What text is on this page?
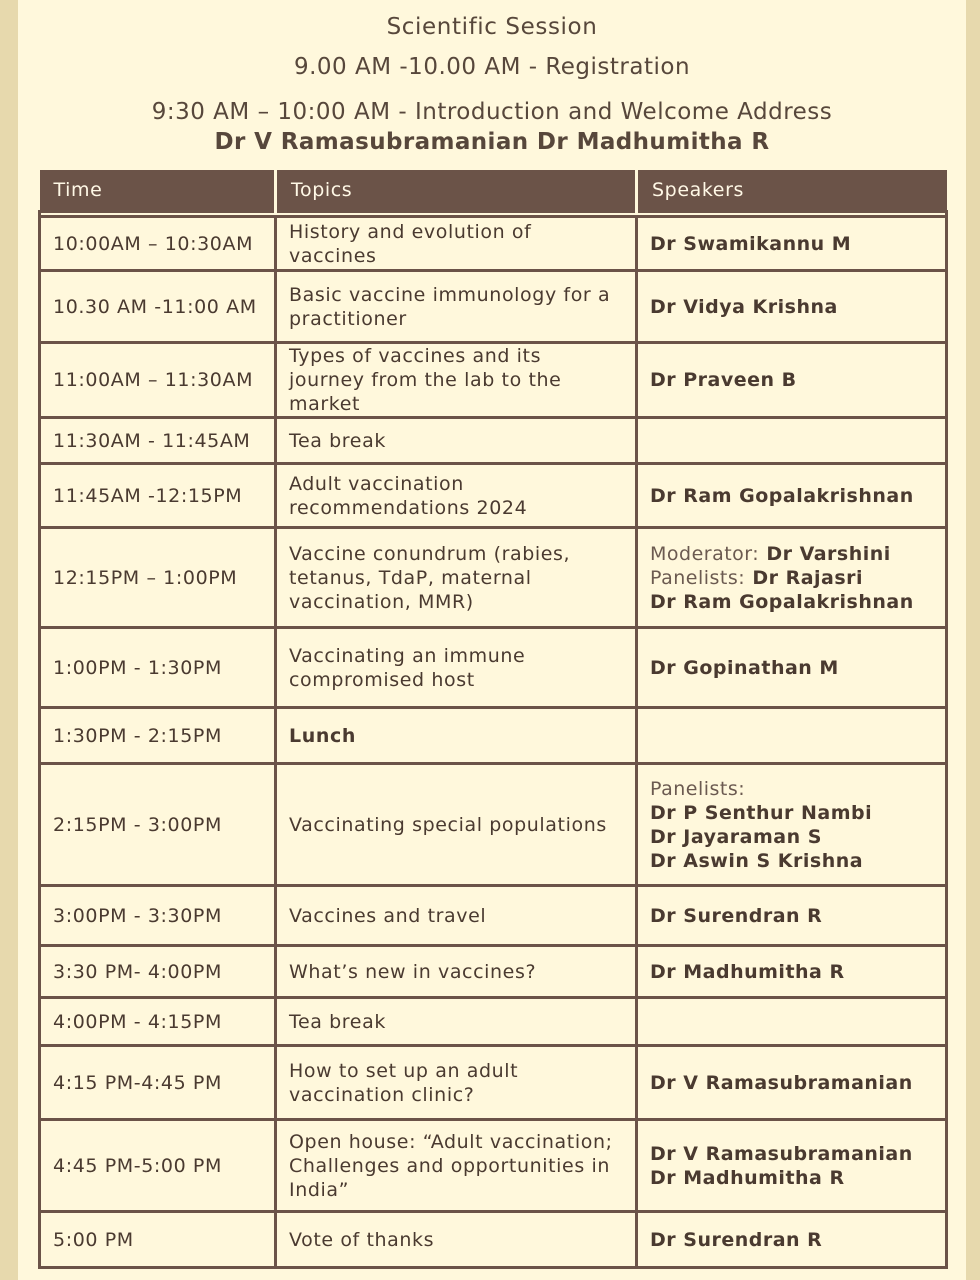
Scientific Session
9.00 AM -10.00 AM - Registration
9:30 AM – 10:00 AM - Introduction and Welcome Address
Dr V Ramasubramanian Dr Madhumitha R
Time	Topics	Speakers

10:00AM – 10:30AM	History and evolution of vaccines	Dr Swamikannu M
10.30 AM -11:00 AM	Basic vaccine immunology for a practitioner	Dr Vidya Krishna
11:00AM – 11:30AM	Types of vaccines and its journey from the lab to the market	Dr Praveen B
11:30AM - 11:45AM	Tea break	
11:45AM -12:15PM	Adult vaccination recommendations 2024	Dr Ram Gopalakrishnan
12:15PM – 1:00PM	Vaccine conundrum (rabies, tetanus, TdaP, maternal vaccination, MMR)	Moderator: Dr Varshini
Panelists: Dr Rajasri
Dr Ram Gopalakrishnan

1:00PM - 1:30PM	Vaccinating an immune compromised host	Dr Gopinathan M
1:30PM - 2:15PM	Lunch	
2:15PM - 3:00PM	Vaccinating special populations	Panelists:
Dr P Senthur Nambi
Dr Jayaraman S
Dr Aswin S Krishna

3:00PM - 3:30PM	Vaccines and travel	Dr Surendran R
3:30 PM- 4:00PM	What’s new in vaccines?	Dr Madhumitha R
4:00PM - 4:15PM	Tea break	
4:15 PM-4:45 PM	How to set up an adult vaccination clinic?	Dr V Ramasubramanian
4:45 PM-5:00 PM	Open house: “Adult vaccination; Challenges and opportunities in India”	Dr V Ramasubramanian
Dr Madhumitha R

5:00 PM	Vote of thanks	Dr Surendran R
